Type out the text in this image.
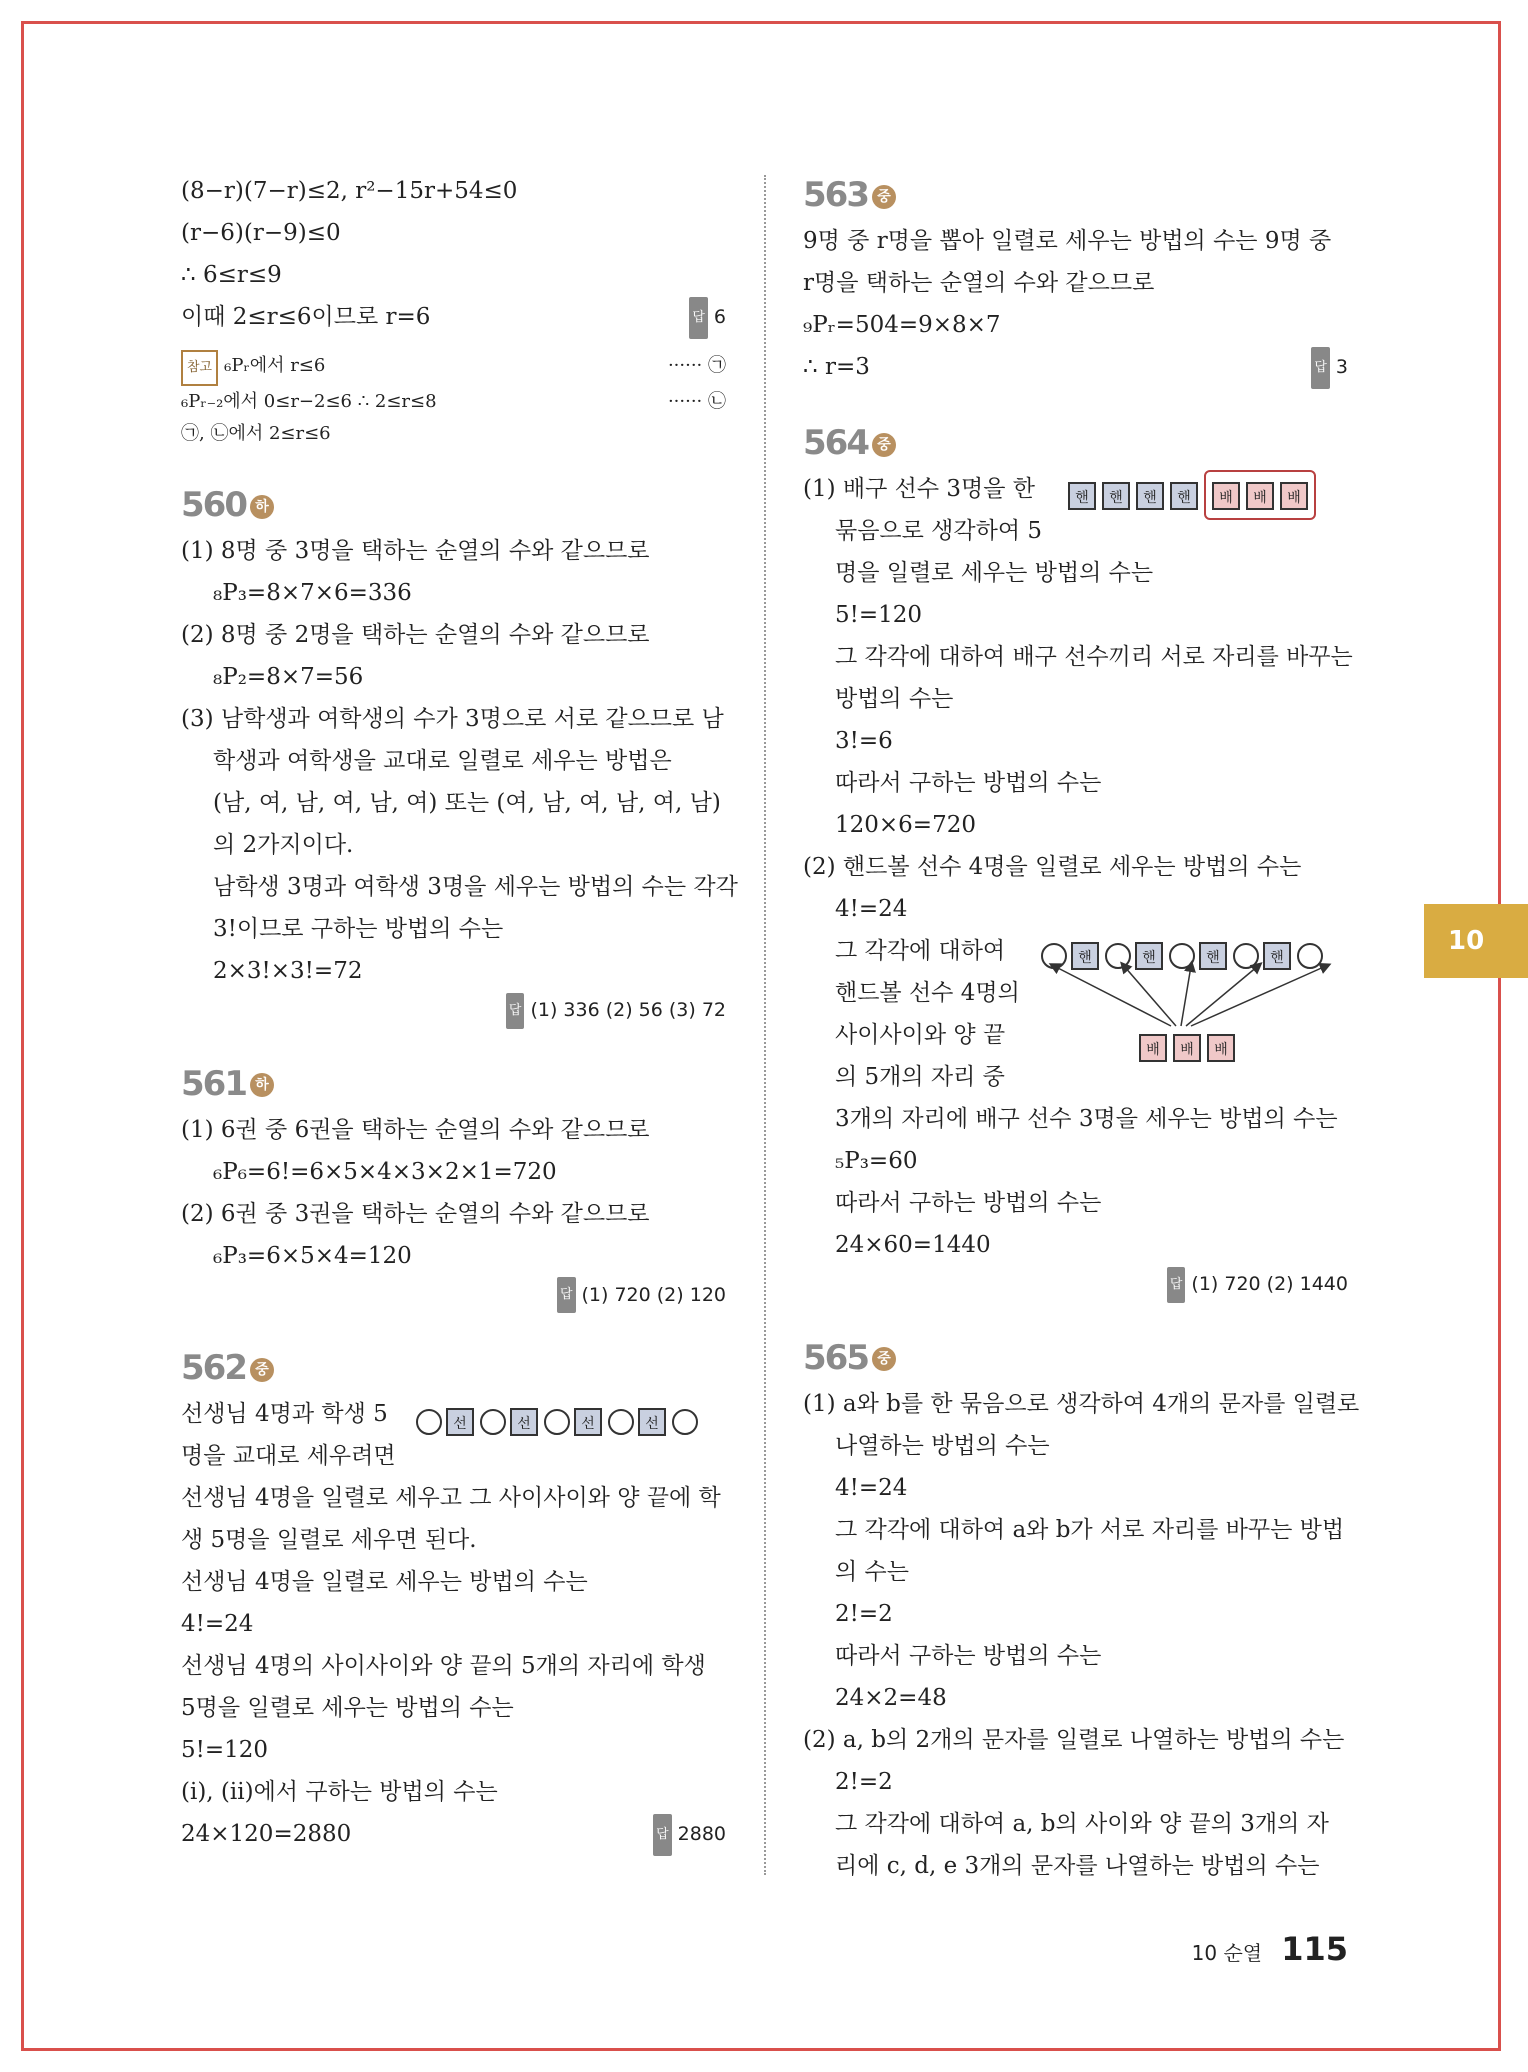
(8−r)(7−r)≤2, r²−15r+54≤0
(r−6)(r−9)≤0
∴ 6≤r≤9
이때 2≤r≤6이므로 r=6	답 6
참고 ₆Pᵣ에서 r≤6	······ ㉠
₆Pᵣ₋₂에서 0≤r−2≤6 ∴ 2≤r≤8	······ ㉡
㉠, ㉡에서 2≤r≤6
560 하
(1) 8명 중 3명을 택하는 순열의 수와 같으므로
₈P₃=8×7×6=336
(2) 8명 중 2명을 택하는 순열의 수와 같으므로
₈P₂=8×7=56
(3) 남학생과 여학생의 수가 3명으로 서로 같으므로 남
학생과 여학생을 교대로 일렬로 세우는 방법은
(남, 여, 남, 여, 남, 여) 또는 (여, 남, 여, 남, 여, 남)
의 2가지이다.
남학생 3명과 여학생 3명을 세우는 방법의 수는 각각
3!이므로 구하는 방법의 수는
2×3!×3!=72
답 (1) 336 (2) 56 (3) 72
561 하
(1) 6권 중 6권을 택하는 순열의 수와 같으므로
₆P₆=6!=6×5×4×3×2×1=720
(2) 6권 중 3권을 택하는 순열의 수와 같으므로
₆P₃=6×5×4=120
답 (1) 720 (2) 120
562 중
선생님 4명과 학생 5	선	선	선	선
명을 교대로 세우려면
선생님 4명을 일렬로 세우고 그 사이사이와 양 끝에 학
생 5명을 일렬로 세우면 된다.
선생님 4명을 일렬로 세우는 방법의 수는
4!=24
선생님 4명의 사이사이와 양 끝의 5개의 자리에 학생
5명을 일렬로 세우는 방법의 수는
5!=120
(i), (ii)에서 구하는 방법의 수는
24×120=2880	답 2880
563 중
9명 중 r명을 뽑아 일렬로 세우는 방법의 수는 9명 중
r명을 택하는 순열의 수와 같으므로
₉Pᵣ=504=9×8×7
∴ r=3	답 3
564 중
(1) 배구 선수 3명을 한	핸 핸 핸 핸 배 배 배
묶음으로 생각하여 5
명을 일렬로 세우는 방법의 수는
5!=120
그 각각에 대하여 배구 선수끼리 서로 자리를 바꾸는
방법의 수는
3!=6
따라서 구하는 방법의 수는
120×6=720
(2) 핸드볼 선수 4명을 일렬로 세우는 방법의 수는
4!=24
그 각각에 대하여	핸	핸	핸	핸
배 배 배
핸드볼 선수 4명의
사이사이와 양 끝
의 5개의 자리 중
3개의 자리에 배구 선수 3명을 세우는 방법의 수는
₅P₃=60
따라서 구하는 방법의 수는
24×60=1440
답 (1) 720 (2) 1440
565 중
(1) a와 b를 한 묶음으로 생각하여 4개의 문자를 일렬로
나열하는 방법의 수는
4!=24
그 각각에 대하여 a와 b가 서로 자리를 바꾸는 방법
의 수는
2!=2
따라서 구하는 방법의 수는
24×2=48
(2) a, b의 2개의 문자를 일렬로 나열하는 방법의 수는
2!=2
그 각각에 대하여 a, b의 사이와 양 끝의 3개의 자
리에 c, d, e 3개의 문자를 나열하는 방법의 수는
10
10 순열 115
